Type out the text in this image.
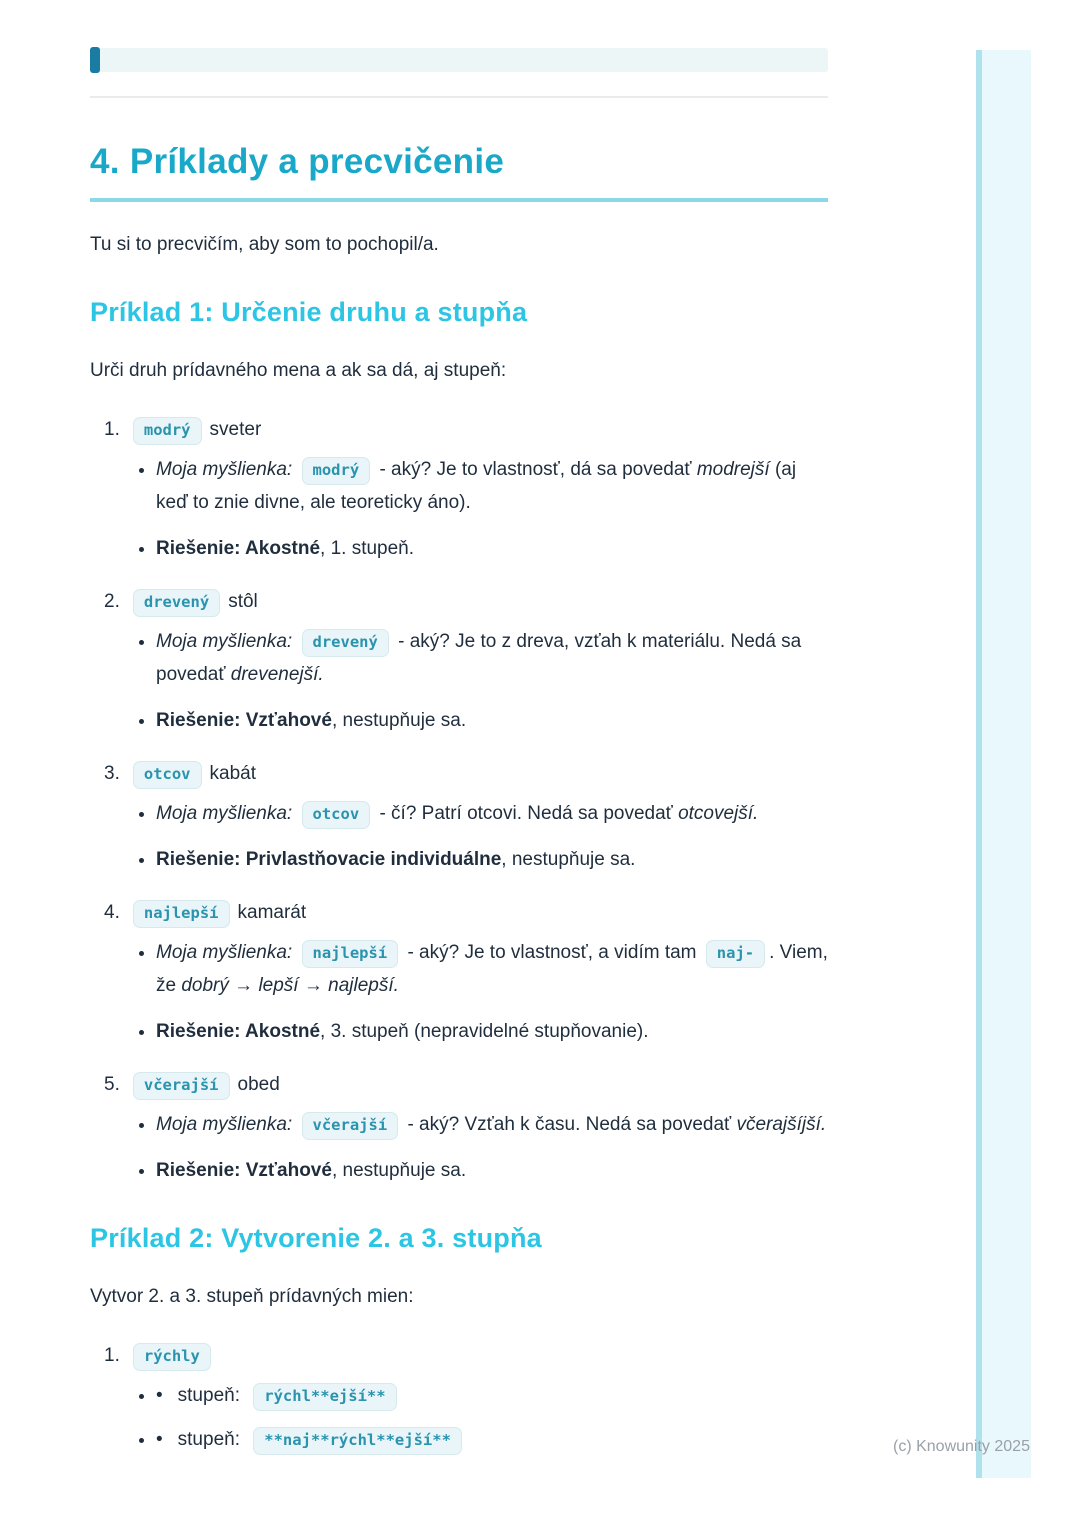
(c) Knowunity 2025
4. Príklady a precvičenie

Tu si to precvičím, aby som to pochopil/a.

Príklad 1: Určenie druhu a stupňa

Urči druh prídavného mena a ak sa dá, aj stupeň:

1. modrý sveter
• Moja myšlienka: modrý - aký? Je to vlastnosť, dá sa povedať modrejší (aj keď to znie divne, ale teoreticky áno).
• Riešenie: Akostné, 1. stupeň.
2. drevený stôl
• Moja myšlienka: drevený - aký? Je to z dreva, vzťah k materiálu. Nedá sa povedať drevenejší.
• Riešenie: Vzťahové, nestupňuje sa.
3. otcov kabát
• Moja myšlienka: otcov - čí? Patrí otcovi. Nedá sa povedať otcovejší.
• Riešenie: Privlastňovacie individuálne, nestupňuje sa.
4. najlepší kamarát
• Moja myšlienka: najlepší - aký? Je to vlastnosť, a vidím tam naj- . Viem, že dobrý → lepší → najlepší.
• Riešenie: Akostné, 3. stupeň (nepravidelné stupňovanie).
5. včerajší obed
• Moja myšlienka: včerajší - aký? Vzťah k času. Nedá sa povedať včerajšíjší.
• Riešenie: Vzťahové, nestupňuje sa.
Príklad 2: Vytvorenie 2. a 3. stupňa

Vytvor 2. a 3. stupeň prídavných mien:

1. rýchly
• • stupeň: rýchl**ejší**
• • stupeň: **naj**rýchl**ejší**
